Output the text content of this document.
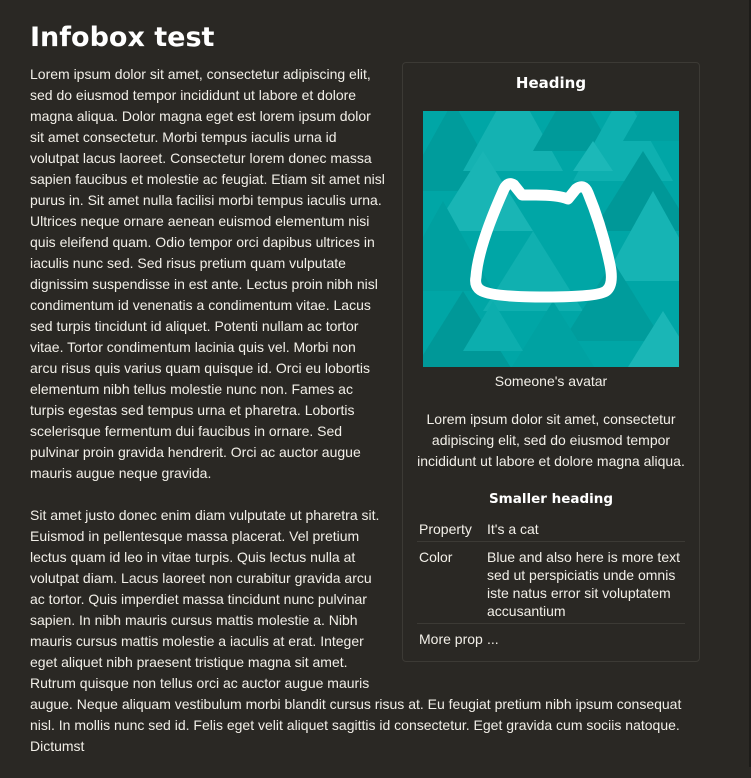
Infobox test
Heading
Someone's avatar
Lorem ipsum dolor sit amet, consectetur adipiscing elit, sed do eiusmod tempor incididunt ut labore et dolore magna aliqua.
Smaller heading
Property	It's a cat
Color	Blue and also here is more text sed ut perspiciatis unde omnis iste natus error sit voluptatem accusantium
More prop	...

Lorem ipsum dolor sit amet, consectetur adipiscing elit, sed do eiusmod tempor incididunt ut labore et dolore magna aliqua. Dolor magna eget est lorem ipsum dolor sit amet consectetur. Morbi tempus iaculis urna id volutpat lacus laoreet. Consectetur lorem donec massa sapien faucibus et molestie ac feugiat. Etiam sit amet nisl purus in. Sit amet nulla facilisi morbi tempus iaculis urna. Ultrices neque ornare aenean euismod elementum nisi quis eleifend quam. Odio tempor orci dapibus ultrices in iaculis nunc sed. Sed risus pretium quam vulputate dignissim suspendisse in est ante. Lectus proin nibh nisl condimentum id venenatis a condimentum vitae. Lacus sed turpis tincidunt id aliquet. Potenti nullam ac tortor vitae. Tortor condimentum lacinia quis vel. Morbi non arcu risus quis varius quam quisque id. Orci eu lobortis elementum nibh tellus molestie nunc non. Fames ac turpis egestas sed tempus urna et pharetra. Lobortis scelerisque fermentum dui faucibus in ornare. Sed pulvinar proin gravida hendrerit. Orci ac auctor augue mauris augue neque gravida.

Sit amet justo donec enim diam vulputate ut pharetra sit. Euismod in pellentesque massa placerat. Vel pretium lectus quam id leo in vitae turpis. Quis lectus nulla at volutpat diam. Lacus laoreet non curabitur gravida arcu ac tortor. Quis imperdiet massa tincidunt nunc pulvinar sapien. In nibh mauris cursus mattis molestie a. Nibh mauris cursus mattis molestie a iaculis at erat. Integer eget aliquet nibh praesent tristique magna sit amet. Rutrum quisque non tellus orci ac auctor augue mauris augue. Neque aliquam vestibulum morbi blandit cursus risus at. Eu feugiat pretium nibh ipsum consequat nisl. In mollis nunc sed id. Felis eget velit aliquet sagittis id consectetur. Eget gravida cum sociis natoque. Dictumst
